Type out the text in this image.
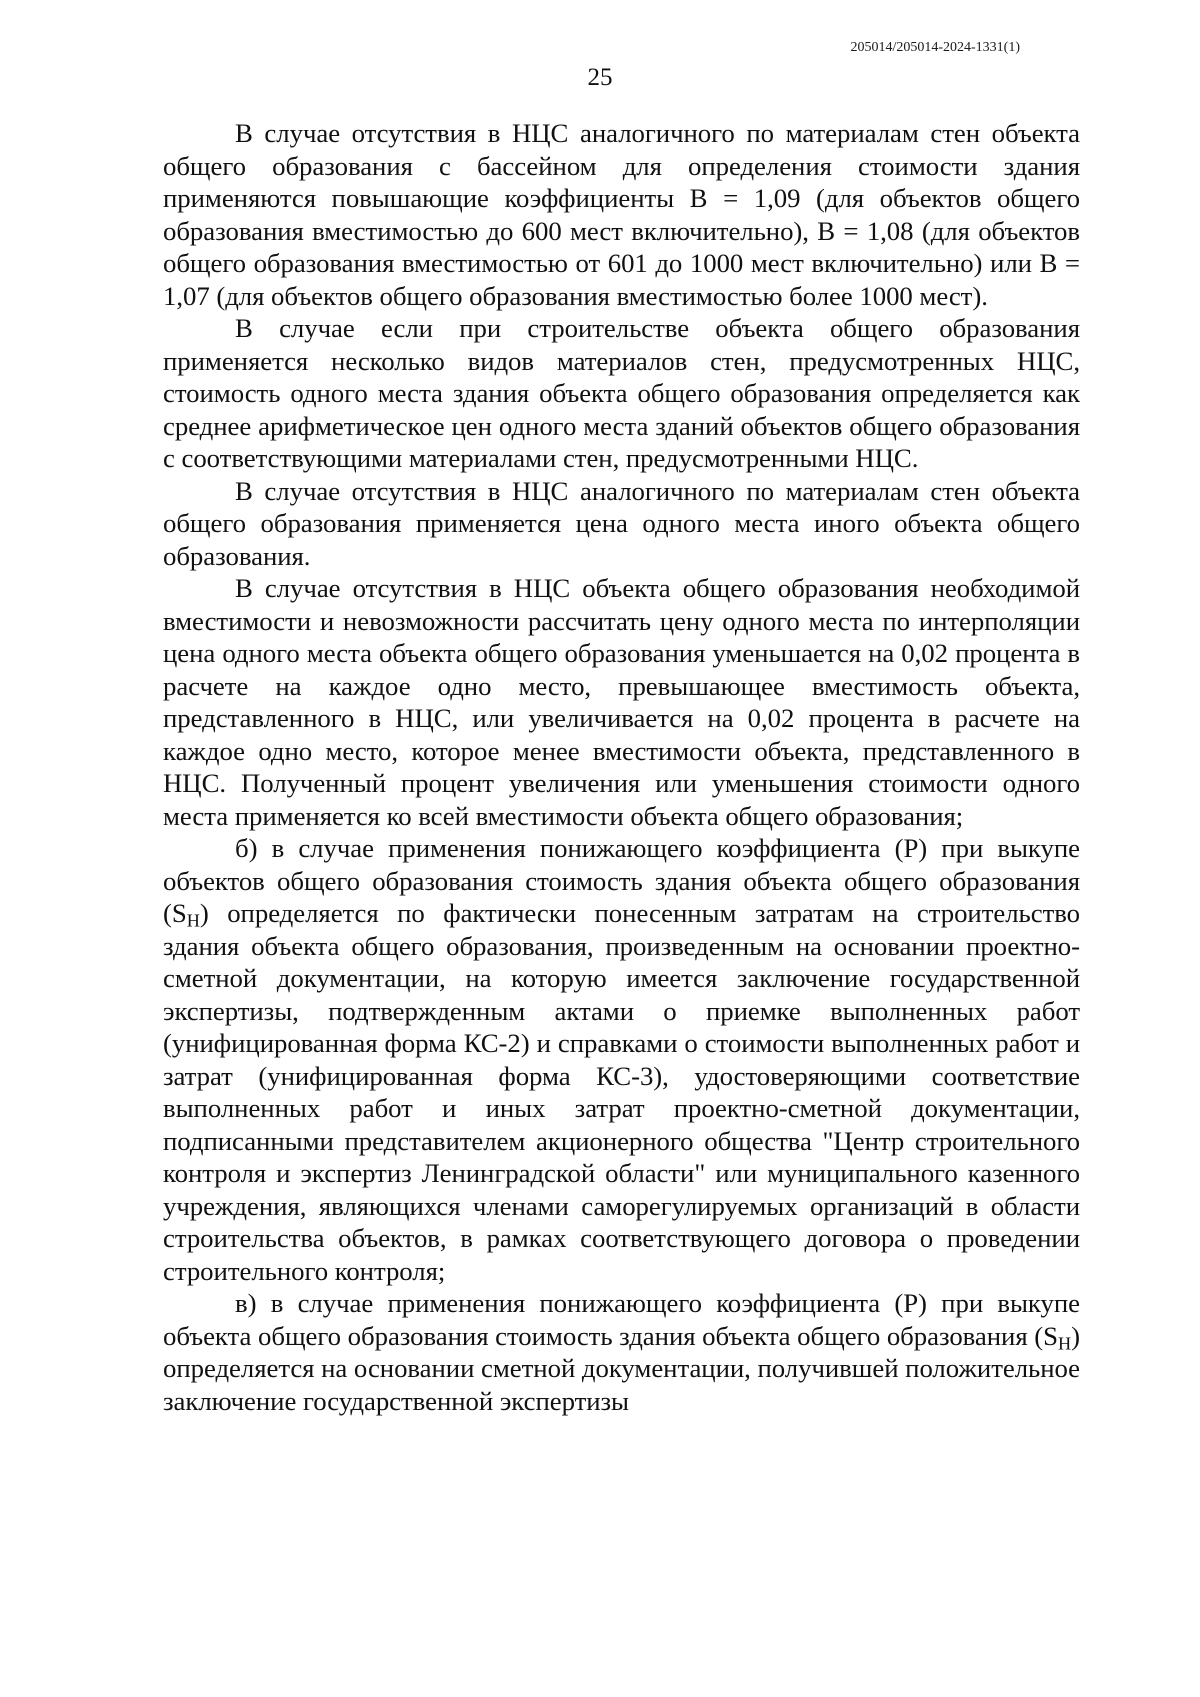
205014/205014-2024-1331(1)
25

В случае отсутствия в НЦС аналогичного по материалам стен объекта общего образования с бассейном для определения стоимости здания применяются повышающие коэффициенты В = 1,09 (для объектов общего образования вместимостью до 600 мест включительно), В = 1,08 (для объектов общего образования вместимостью от 601 до 1000 мест включительно) или В = 1,07 (для объектов общего образования вместимостью более 1000 мест).

В случае если при строительстве объекта общего образования применяется несколько видов материалов стен, предусмотренных НЦС, стоимость одного места здания объекта общего образования определяется как среднее арифметическое цен одного места зданий объектов общего образования с соответствующими материалами стен, предусмотренными НЦС.

В случае отсутствия в НЦС аналогичного по материалам стен объекта общего образования применяется цена одного места иного объекта общего образования.

В случае отсутствия в НЦС объекта общего образования необходимой вместимости и невозможности рассчитать цену одного места по интерполяции цена одного места объекта общего образования уменьшается на 0,02 процента в расчете на каждое одно место, превышающее вместимость объекта, представленного в НЦС, или увеличивается на 0,02 процента в расчете на каждое одно место, которое менее вместимости объекта, представленного в НЦС. Полученный процент увеличения или уменьшения стоимости одного места применяется ко всей вместимости объекта общего образования;

б) в случае применения понижающего коэффициента (Р) при выкупе объектов общего образования стоимость здания объекта общего образования $(S_H)$ определяется по фактически понесенным затратам на строительство здания объекта общего образования, произведенным на основании проектно-сметной документации, на которую имеется заключение государственной экспертизы, подтвержденным актами о приемке выполненных работ (унифицированная форма КС-2) и справками о стоимости выполненных работ и затрат (унифицированная форма КС-3), удостоверяющими соответствие выполненных работ и иных затрат проектно-сметной документации, подписанными представителем акционерного общества "Центр строительного контроля и экспертиз Ленинградской области" или муниципального казенного учреждения, являющихся членами саморегулируемых организаций в области строительства объектов, в рамках соответствующего договора о проведении строительного контроля;

в) в случае применения понижающего коэффициента (Р) при выкупе объекта общего образования стоимость здания объекта общего образования $(S_H)$ определяется на основании сметной документации, получившей положительное заключение государственной экспертизы
